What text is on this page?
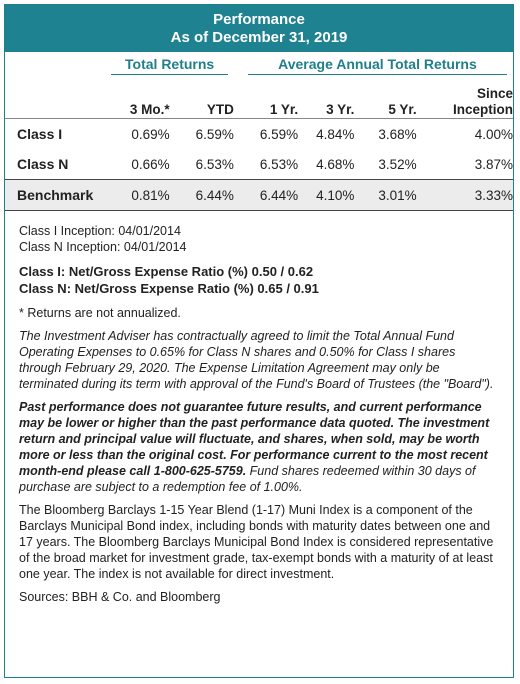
Performance
As of December 31, 2019
	Total Returns		Average Annual Total Returns			
	3 Mo.*	YTD	1 Yr.	3 Yr.	5 Yr.	Since
Inception
Class I	0.69%	6.59%	6.59%	4.84%	3.68%	4.00%
Class N	0.66%	6.53%	6.53%	4.68%	3.52%	3.87%
Benchmark	0.81%	6.44%	6.44%	4.10%	3.01%	3.33%

Class I Inception: 04/01/2014

Class N Inception: 04/01/2014

Class I: Net/Gross Expense Ratio (%) 0.50 / 0.62
Class N: Net/Gross Expense Ratio (%) 0.65 / 0.91

* Returns are not annualized.

The Investment Adviser has contractually agreed to limit the Total Annual Fund Operating Expenses to 0.65% for Class N shares and 0.50% for Class I shares through February 29, 2020. The Expense Limitation Agreement may only be terminated during its term with approval of the Fund's Board of Trustees (the "Board").

Past performance does not guarantee future results, and current performance may be lower or higher than the past performance data quoted. The investment return and principal value will fluctuate, and shares, when sold, may be worth more or less than the original cost. For performance current to the most recent month-end please call 1-800-625-5759. Fund shares redeemed within 30 days of purchase are subject to a redemption fee of 1.00%.

The Bloomberg Barclays 1-15 Year Blend (1-17) Muni Index is a component of the Barclays Municipal Bond index, including bonds with maturity dates between one and 17 years. The Bloomberg Barclays Municipal Bond Index is considered representative of the broad market for investment grade, tax-exempt bonds with a maturity of at least one year. The index is not available for direct investment.

Sources: BBH & Co. and Bloomberg
